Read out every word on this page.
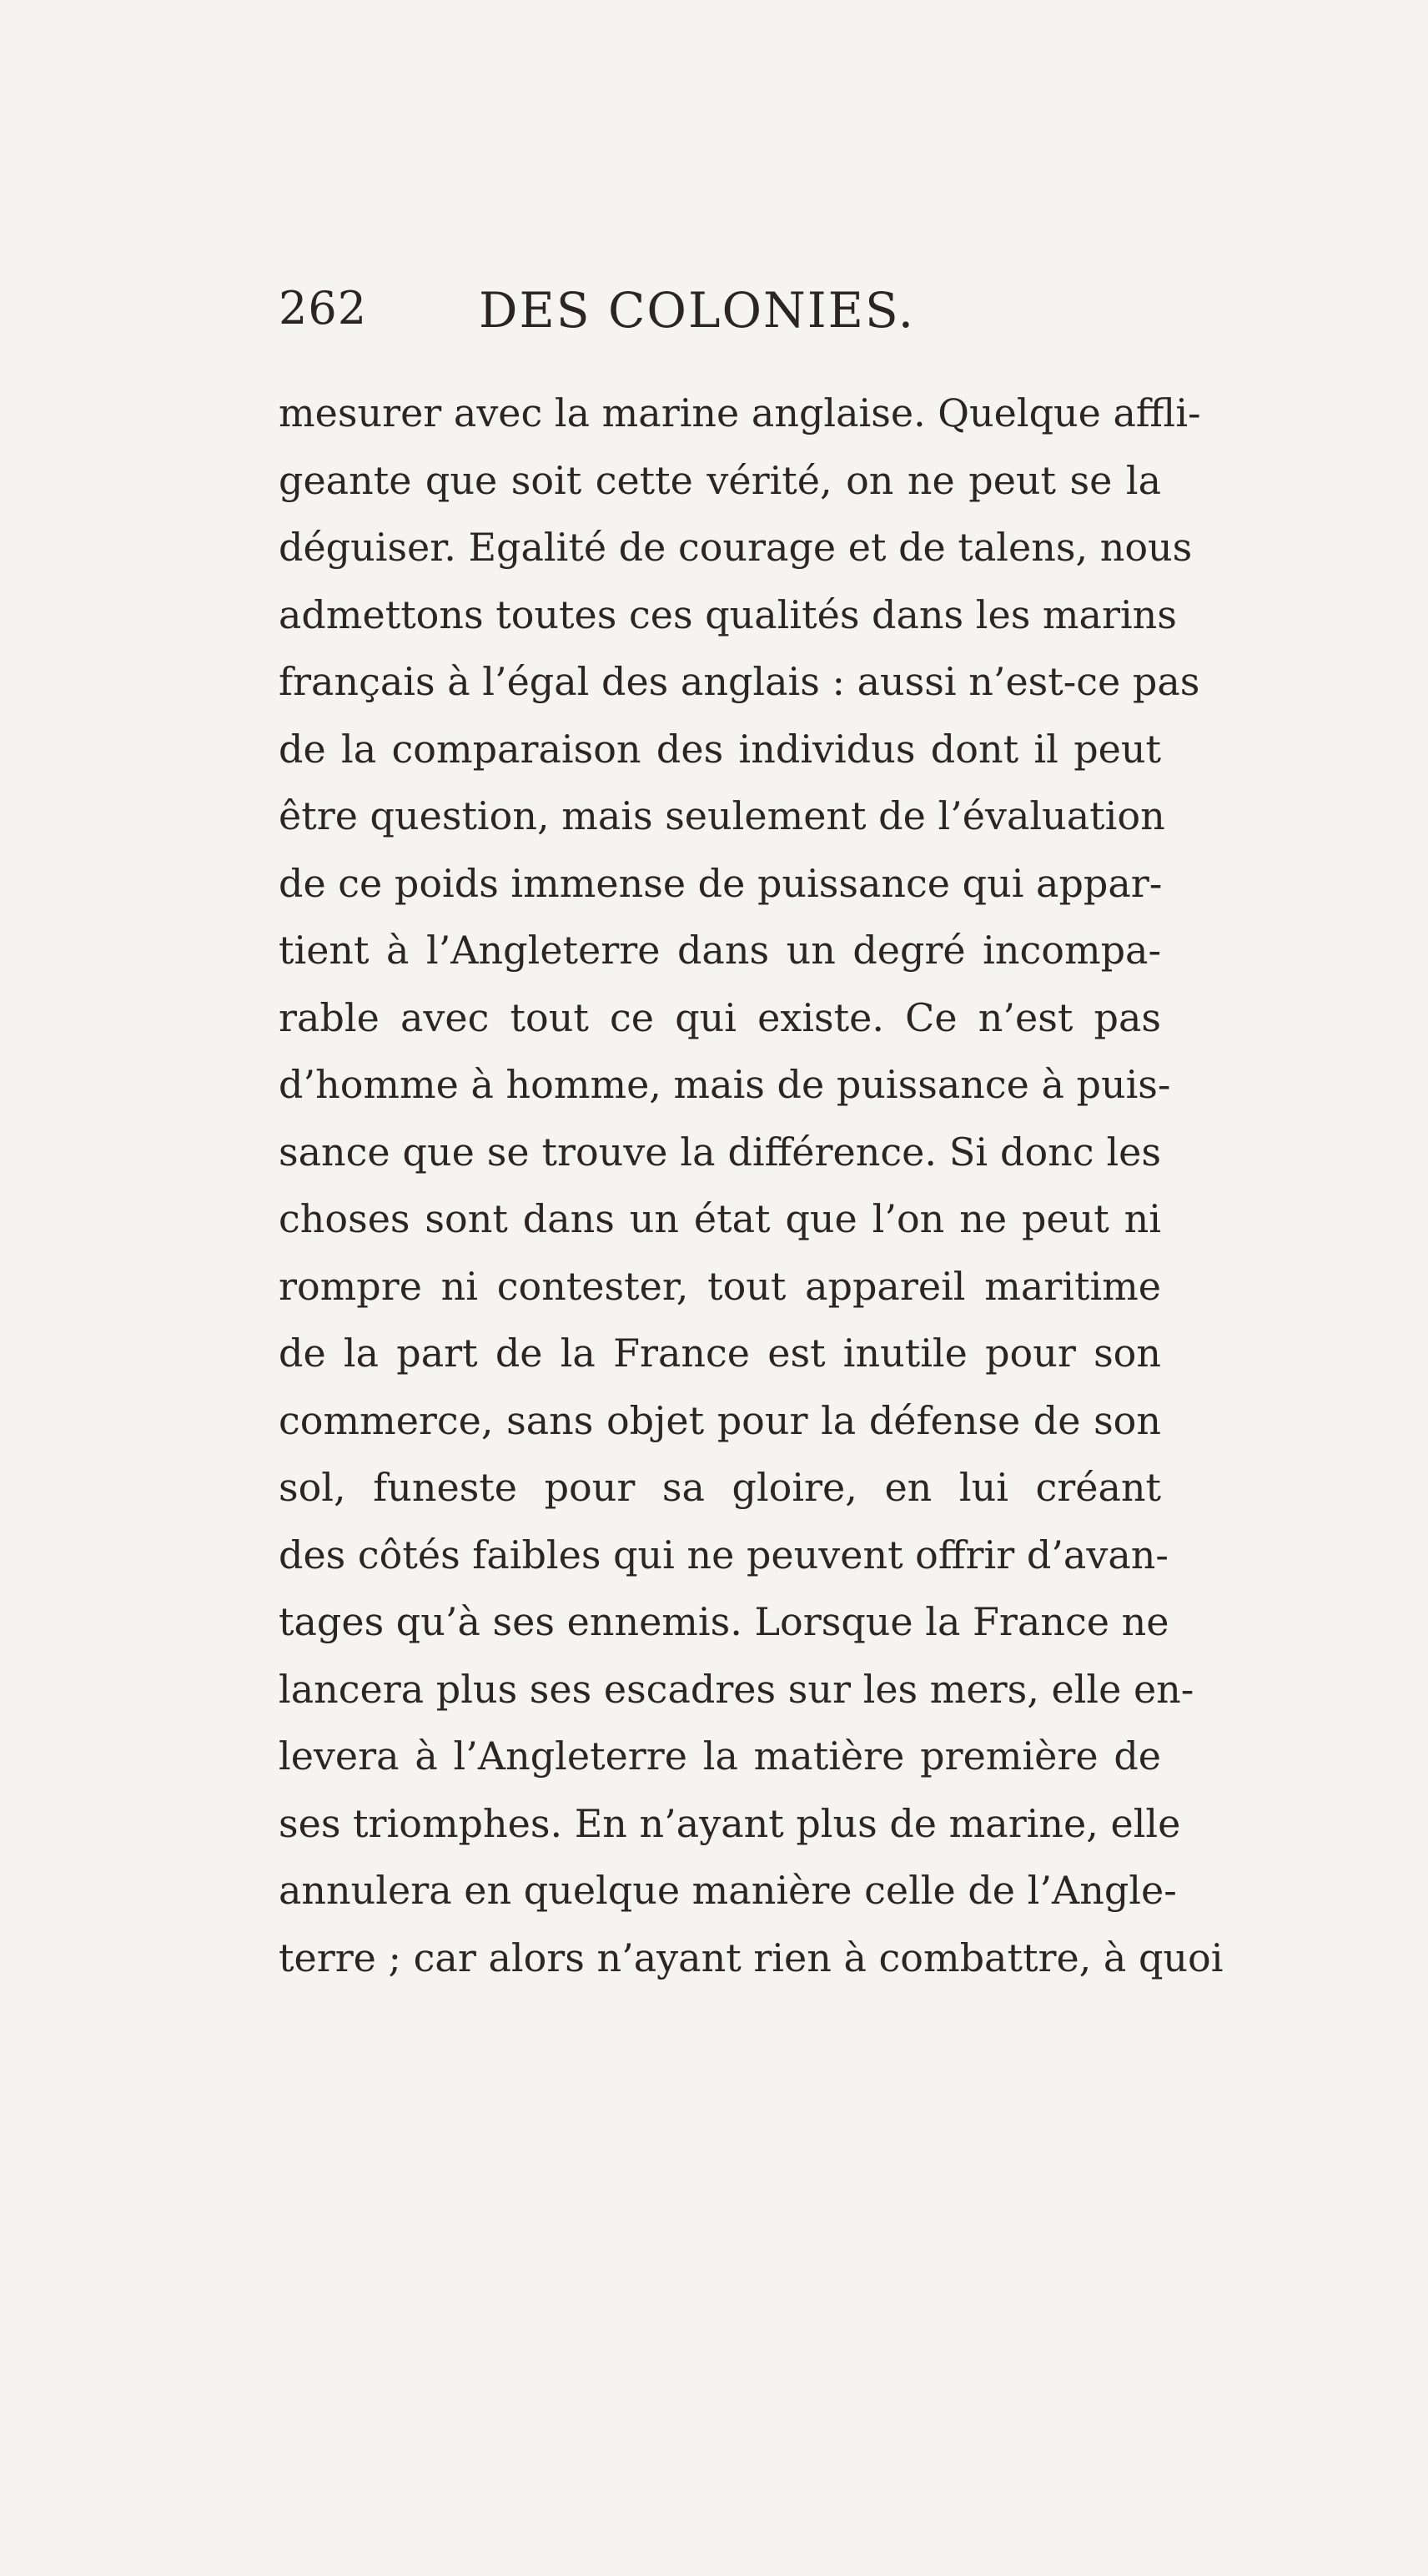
262 DES COLONIES.
mesurer avec la marine anglaise. Quelque affli-
geante que soit cette vérité, on ne peut se la
déguiser. Egalité de courage et de talens, nous
admettons toutes ces qualités dans les marins
français à l’égal des anglais : aussi n’est-ce pas
de la comparaison des individus dont il peut
être question, mais seulement de l’évaluation
de ce poids immense de puissance qui appar-
tient à l’Angleterre dans un degré incompa-
rable avec tout ce qui existe. Ce n’est pas
d’homme à homme, mais de puissance à puis-
sance que se trouve la différence. Si donc les
choses sont dans un état que l’on ne peut ni
rompre ni contester, tout appareil maritime
de la part de la France est inutile pour son
commerce, sans objet pour la défense de son
sol, funeste pour sa gloire, en lui créant
des côtés faibles qui ne peuvent offrir d’avan-
tages qu’à ses ennemis. Lorsque la France ne
lancera plus ses escadres sur les mers, elle en-
levera à l’Angleterre la matière première de
ses triomphes. En n’ayant plus de marine, elle
annulera en quelque manière celle de l’Angle-
terre ; car alors n’ayant rien à combattre, à quoi
